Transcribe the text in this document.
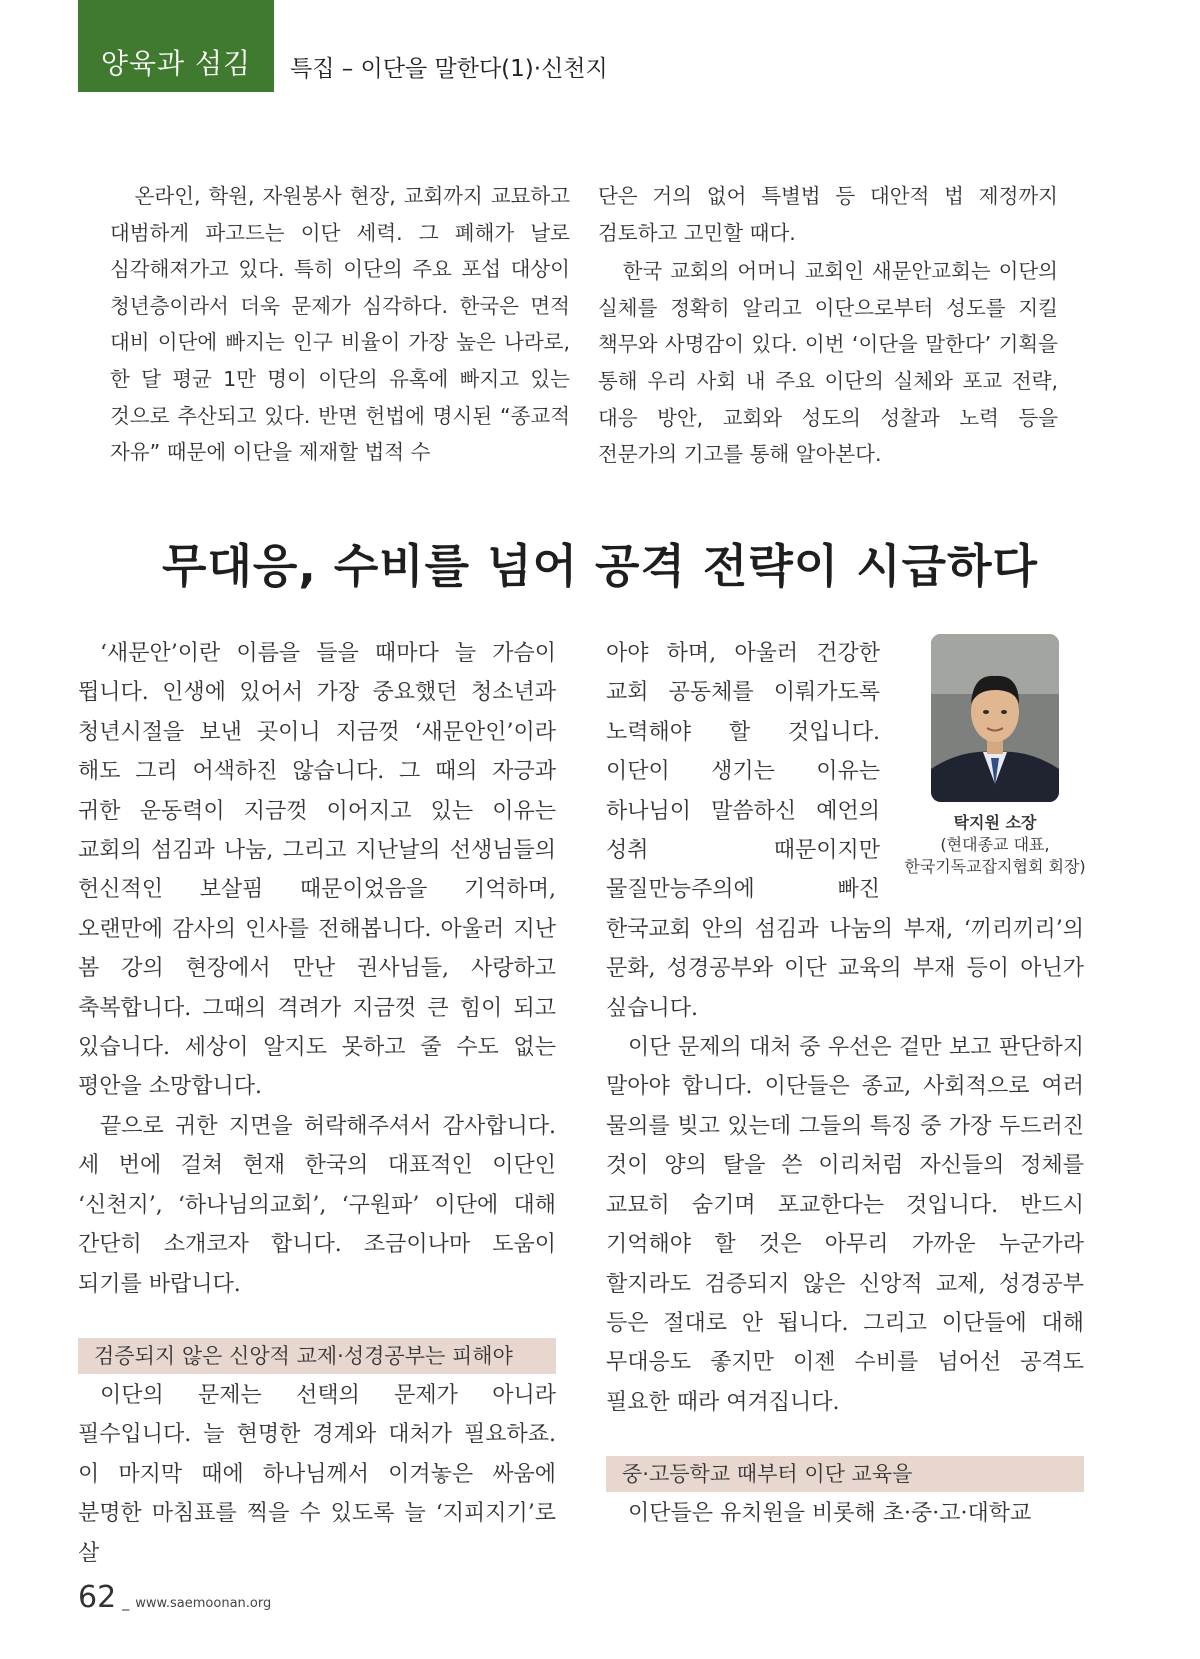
양육과 섬김 특집 – 이단을 말한다(1)·신천지

온라인, 학원, 자원봉사 현장, 교회까지 교묘하고 대범하게 파고드는 이단 세력. 그 폐해가 날로 심각해져가고 있다. 특히 이단의 주요 포섭 대상이 청년층이라서 더욱 문제가 심각하다. 한국은 면적 대비 이단에 빠지는 인구 비율이 가장 높은 나라로, 한 달 평균 1만 명이 이단의 유혹에 빠지고 있는 것으로 추산되고 있다. 반면 헌법에 명시된 “종교적 자유” 때문에 이단을 제재할 법적 수

단은 거의 없어 특별법 등 대안적 법 제정까지 검토하고 고민할 때다.

한국 교회의 어머니 교회인 새문안교회는 이단의 실체를 정확히 알리고 이단으로부터 성도를 지킬 책무와 사명감이 있다. 이번 ‘이단을 말한다’ 기획을 통해 우리 사회 내 주요 이단의 실체와 포교 전략, 대응 방안, 교회와 성도의 성찰과 노력 등을 전문가의 기고를 통해 알아본다.

무대응, 수비를 넘어 공격 전략이 시급하다

‘새문안’이란 이름을 들을 때마다 늘 가슴이 뜁니다. 인생에 있어서 가장 중요했던 청소년과 청년시절을 보낸 곳이니 지금껏 ‘새문안인’이라 해도 그리 어색하진 않습니다. 그 때의 자긍과 귀한 운동력이 지금껏 이어지고 있는 이유는 교회의 섬김과 나눔, 그리고 지난날의 선생님들의 헌신적인 보살핌 때문이었음을 기억하며, 오랜만에 감사의 인사를 전해봅니다. 아울러 지난 봄 강의 현장에서 만난 권사님들, 사랑하고 축복합니다. 그때의 격려가 지금껏 큰 힘이 되고 있습니다. 세상이 알지도 못하고 줄 수도 없는 평안을 소망합니다.

끝으로 귀한 지면을 허락해주셔서 감사합니다. 세 번에 걸쳐 현재 한국의 대표적인 이단인 ‘신천지’, ‘하나님의교회’, ‘구원파’ 이단에 대해 간단히 소개코자 합니다. 조금이나마 도움이 되기를 바랍니다.

검증되지 않은 신앙적 교제·성경공부는 피해야

이단의 문제는 선택의 문제가 아니라 필수입니다. 늘 현명한 경계와 대처가 필요하죠. 이 마지막 때에 하나님께서 이겨놓은 싸움에 분명한 마침표를 찍을 수 있도록 늘 ‘지피지기’로 살

탁지원 소장
(현대종교 대표, 한국기독교잡지협회 회장)

아야 하며, 아울러 건강한 교회 공동체를 이뤄가도록 노력해야 할 것입니다. 이단이 생기는 이유는 하나님이 말씀하신 예언의 성취 때문이지만 물질만능주의에 빠진 한국교회 안의 섬김과 나눔의 부재, ‘끼리끼리’의 문화, 성경공부와 이단 교육의 부재 등이 아닌가 싶습니다.

이단 문제의 대처 중 우선은 겉만 보고 판단하지 말아야 합니다. 이단들은 종교, 사회적으로 여러 물의를 빚고 있는데 그들의 특징 중 가장 두드러진 것이 양의 탈을 쓴 이리처럼 자신들의 정체를 교묘히 숨기며 포교한다는 것입니다. 반드시 기억해야 할 것은 아무리 가까운 누군가라 할지라도 검증되지 않은 신앙적 교제, 성경공부 등은 절대로 안 됩니다. 그리고 이단들에 대해 무대응도 좋지만 이젠 수비를 넘어선 공격도 필요한 때라 여겨집니다.

중·고등학교 때부터 이단 교육을

이단들은 유치원을 비롯해 초·중·고·대학교

62 _ www.saemoonan.org
